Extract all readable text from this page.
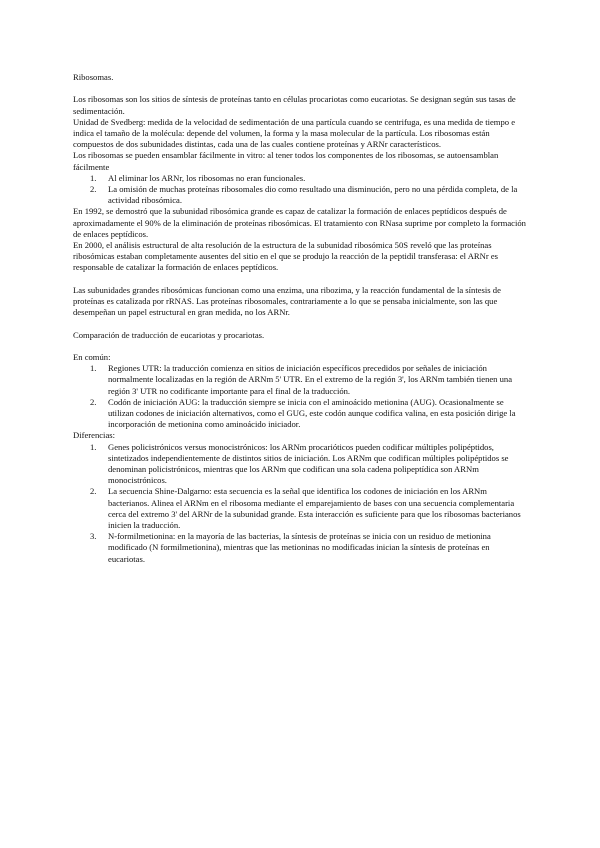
Ribosomas.

Los ribosomas son los sitios de síntesis de proteínas tanto en células procariotas como eucariotas. Se designan según sus tasas de sedimentación.

Unidad de Svedberg: medida de la velocidad de sedimentación de una partícula cuando se centrifuga, es una medida de tiempo e indica el tamaño de la molécula: depende del volumen, la forma y la masa molecular de la partícula. Los ribosomas están compuestos de dos subunidades distintas, cada una de las cuales contiene proteínas y ARNr característicos.

Los ribosomas se pueden ensamblar fácilmente in vitro: al tener todos los componentes de los ribosomas, se autoensamblan fácilmente

1. Al eliminar los ARNr, los ribosomas no eran funcionales.
2. La omisión de muchas proteínas ribosomales dio como resultado una disminución, pero no una pérdida completa, de la actividad ribosómica.

En 1992, se demostró que la subunidad ribosómica grande es capaz de catalizar la formación de enlaces peptídicos después de aproximadamente el 90% de la eliminación de proteínas ribosómicas. El tratamiento con RNasa suprime por completo la formación de enlaces peptídicos.

En 2000, el análisis estructural de alta resolución de la estructura de la subunidad ribosómica 50S reveló que las proteínas ribosómicas estaban completamente ausentes del sitio en el que se produjo la reacción de la peptidil transferasa: el ARNr es responsable de catalizar la formación de enlaces peptídicos.

Las subunidades grandes ribosómicas funcionan como una enzima, una ribozima, y la reacción fundamental de la síntesis de proteínas es catalizada por rRNAS. Las proteínas ribosomales, contrariamente a lo que se pensaba inicialmente, son las que desempeñan un papel estructural en gran medida, no los ARNr.

Comparación de traducción de eucariotas y procariotas.

En común:

1. Regiones UTR: la traducción comienza en sitios de iniciación específicos precedidos por señales de iniciación normalmente localizadas en la región de ARNm 5' UTR. En el extremo de la región 3', los ARNm también tienen una región 3' UTR no codificante importante para el final de la traducción.
2. Codón de iniciación AUG: la traducción siempre se inicia con el aminoácido metionina (AUG). Ocasionalmente se utilizan codones de iniciación alternativos, como el GUG, este codón aunque codifica valina, en esta posición dirige la incorporación de metionina como aminoácido iniciador.

Diferencias:

1. Genes policistrónicos versus monocistrónicos: los ARNm procarióticos pueden codificar múltiples polipéptidos, sintetizados independientemente de distintos sitios de iniciación. Los ARNm que codifican múltiples polipéptidos se denominan policistrónicos, mientras que los ARNm que codifican una sola cadena polipeptídica son ARNm monocistrónicos.
2. La secuencia Shine-Dalgarno: esta secuencia es la señal que identifica los codones de iniciación en los ARNm bacterianos. Alinea el ARNm en el ribosoma mediante el emparejamiento de bases con una secuencia complementaria cerca del extremo 3' del ARNr de la subunidad grande. Esta interacción es suficiente para que los ribosomas bacterianos inicien la traducción.
3. N-formilmetionina: en la mayoría de las bacterias, la síntesis de proteínas se inicia con un residuo de metionina modificado (N formilmetionina), mientras que las metioninas no modificadas inician la síntesis de proteínas en eucariotas.
